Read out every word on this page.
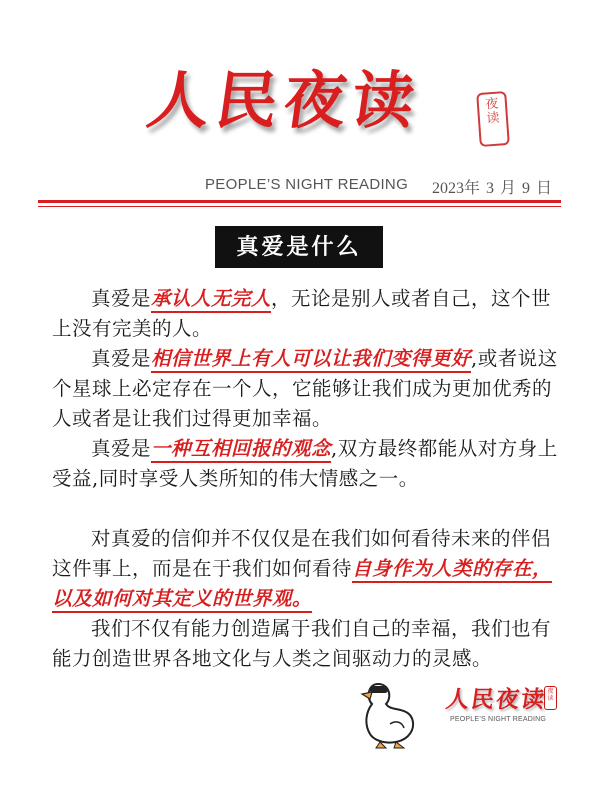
人民夜读	夜
读
PEOPLE’S NIGHT READING 2023年 3 月 9 日
真爱是什么

真爱是承认人无完人，无论是别人或者自己，这个世上没有完美的人。

真爱是相信世界上有人可以让我们变得更好,或者说这个星球上必定存在一个人，它能够让我们成为更加优秀的人或者是让我们过得更加幸福。

真爱是一种互相回报的观念,双方最终都能从对方身上受益,同时享受人类所知的伟大情感之一。

对真爱的信仰并不仅仅是在我们如何看待未来的伴侣这件事上，而是在于我们如何看待自身作为人类的存在，以及如何对其定义的世界观。

我们不仅有能力创造属于我们自己的幸福，我们也有能力创造世界各地文化与人类之间驱动力的灵感。

人民夜读 夜
读
PEOPLE’S NIGHT READING
